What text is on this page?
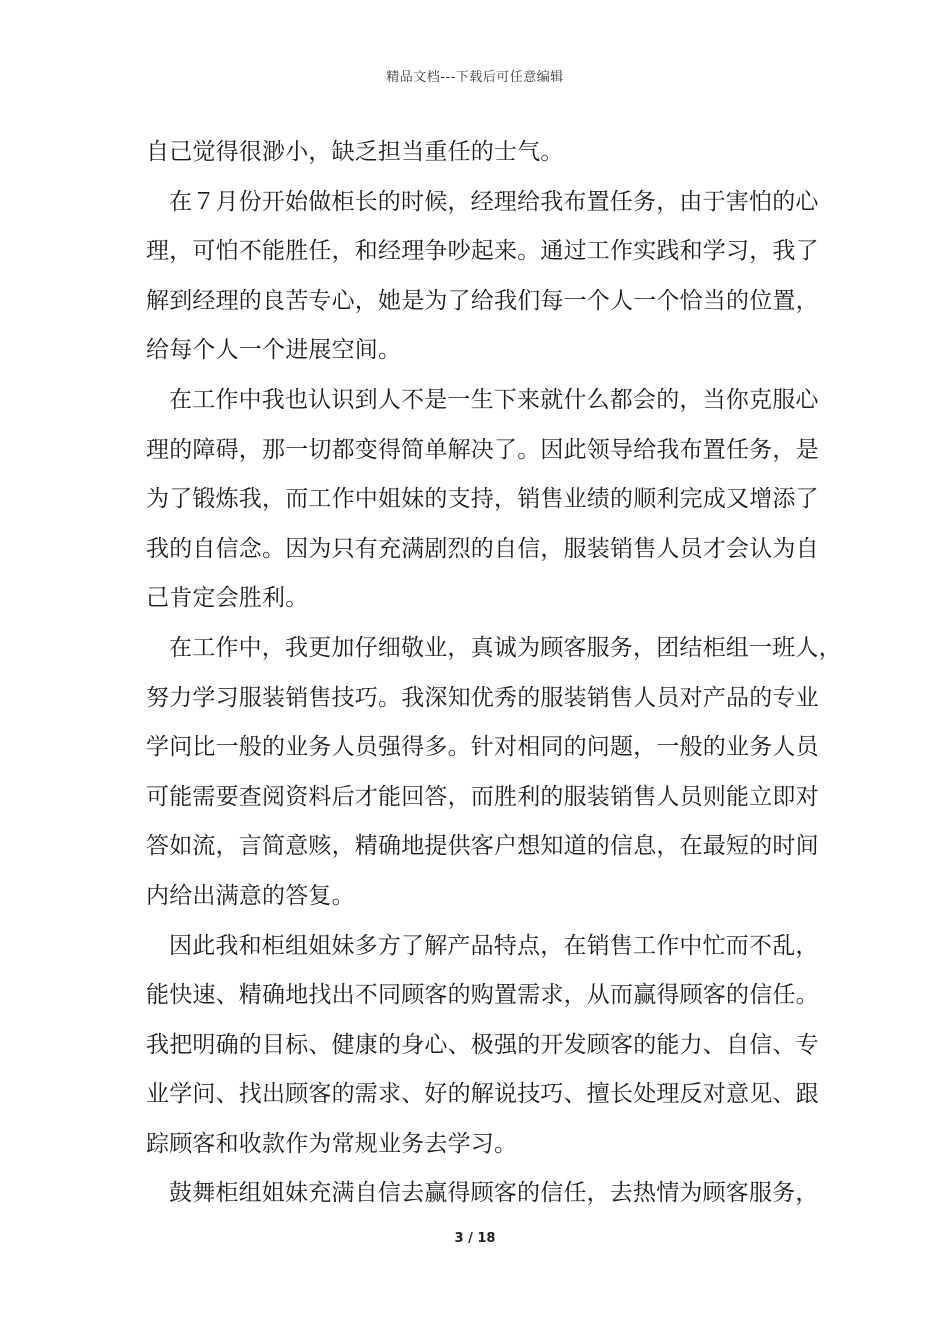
精品文档---下载后可任意编辑
自己觉得很渺小，缺乏担当重任的士气。
在７月份开始做柜长的时候，经理给我布置任务，由于害怕的心
理，可怕不能胜任，和经理争吵起来。通过工作实践和学习，我了
解到经理的良苦专心，她是为了给我们每一个人一个恰当的位置，
给每个人一个进展空间。
在工作中我也认识到人不是一生下来就什么都会的，当你克服心
理的障碍，那一切都变得简单解决了。因此领导给我布置任务，是
为了锻炼我，而工作中姐妹的支持，销售业绩的顺利完成又增添了
我的自信念。因为只有充满剧烈的自信，服装销售人员才会认为自
己肯定会胜利。
在工作中，我更加仔细敬业，真诚为顾客服务，团结柜组一班人，
努力学习服装销售技巧。我深知优秀的服装销售人员对产品的专业
学问比一般的业务人员强得多。针对相同的问题，一般的业务人员
可能需要查阅资料后才能回答，而胜利的服装销售人员则能立即对
答如流，言简意赅，精确地提供客户想知道的信息，在最短的时间
内给出满意的答复。
因此我和柜组姐妹多方了解产品特点，在销售工作中忙而不乱，
能快速、精确地找出不同顾客的购置需求，从而赢得顾客的信任。
我把明确的目标、健康的身心、极强的开发顾客的能力、自信、专
业学问、找出顾客的需求、好的解说技巧、擅长处理反对意见、跟
踪顾客和收款作为常规业务去学习。
鼓舞柜组姐妹充满自信去赢得顾客的信任，去热情为顾客服务，
3 / 18
